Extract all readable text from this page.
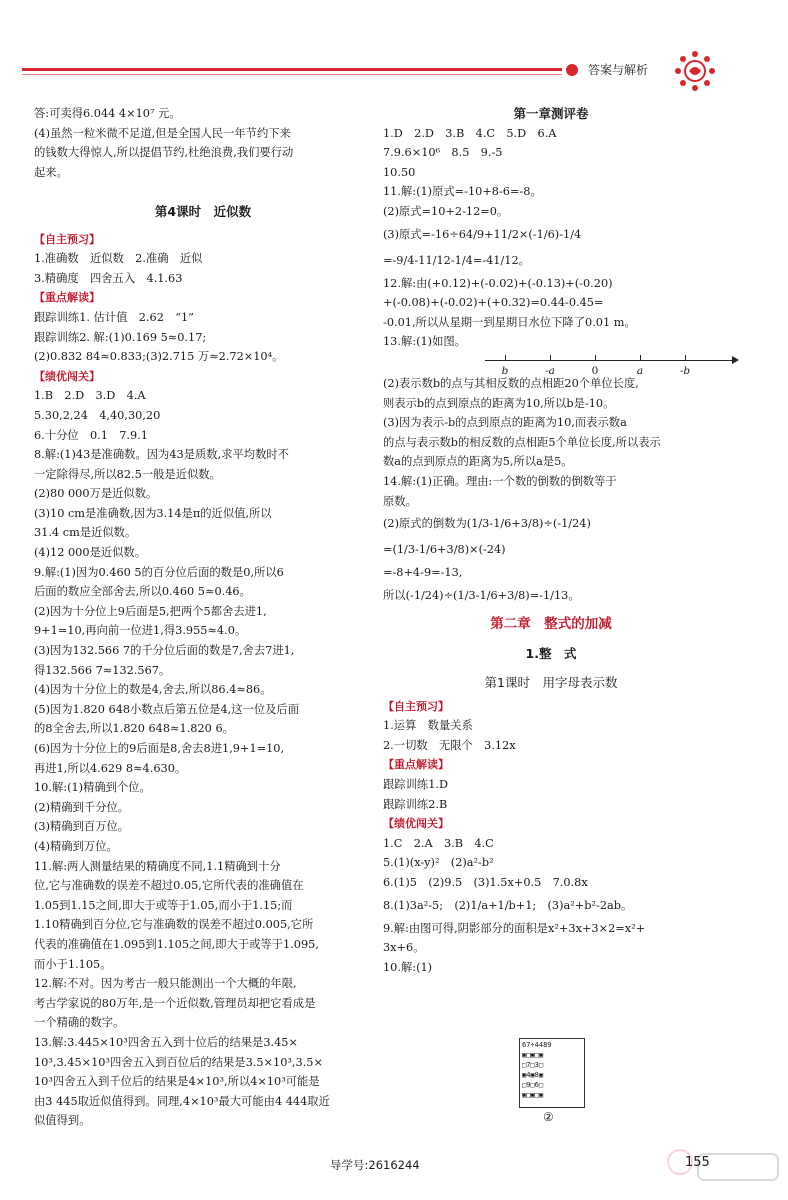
答案与解析

答:可卖得6.044 4×10⁷ 元。

(4)虽然一粒米微不足道,但是全国人民一年节约下来

的钱数大得惊人,所以提倡节约,杜绝浪费,我们要行动

起来。

第4课时　近似数

【自主预习】

1.准确数　近似数　2.准确　近似

3.精确度　四舍五入　4.1.63

【重点解读】

跟踪训练1. 估计值　2.62　“1”

跟踪训练2. 解:(1)0.169 5≈0.17;

(2)0.832 84≈0.833;(3)2.715 万≈2.72×10⁴。

【绩优闯关】

1.B　2.D　3.D　4.A

5.30,2,24　4,40,30,20

6.十分位　0.1　7.9.1

8.解:(1)43是准确数。因为43是质数,求平均数时不

一定除得尽,所以82.5一般是近似数。

(2)80 000万是近似数。

(3)10 cm是准确数,因为3.14是π的近似值,所以

31.4 cm是近似数。

(4)12 000是近似数。

9.解:(1)因为0.460 5的百分位后面的数是0,所以6

后面的数应全部舍去,所以0.460 5≈0.46。

(2)因为十分位上9后面是5,把两个5都舍去进1,

9+1=10,再向前一位进1,得3.955≈4.0。

(3)因为132.566 7的千分位后面的数是7,舍去7进1,

得132.566 7≈132.567。

(4)因为十分位上的数是4,舍去,所以86.4≈86。

(5)因为1.820 648小数点后第五位是4,这一位及后面

的8全舍去,所以1.820 648≈1.820 6。

(6)因为十分位上的9后面是8,舍去8进1,9+1=10,

再进1,所以4.629 8≈4.630。

10.解:(1)精确到个位。

(2)精确到千分位。

(3)精确到百万位。

(4)精确到万位。

11.解:两人测量结果的精确度不同,1.1精确到十分

位,它与准确数的误差不超过0.05,它所代表的准确值在

1.05到1.15之间,即大于或等于1.05,而小于1.15;而

1.10精确到百分位,它与准确数的误差不超过0.005,它所

代表的准确值在1.095到1.105之间,即大于或等于1.095,

而小于1.105。

12.解:不对。因为考古一般只能测出一个大概的年限,

考古学家说的80万年,是一个近似数,管理员却把它看成是

一个精确的数字。

13.解:3.445×10³四舍五入到十位后的结果是3.45×

10³,3.45×10³四舍五入到百位后的结果是3.5×10³,3.5×

10³四舍五入到千位后的结果是4×10³,所以4×10³可能是

由3 445取近似值得到。同理,4×10³最大可能由4 444取近

似值得到。

第一章测评卷

1.D　2.D　3.B　4.C　5.D　6.A

7.9.6×10⁶　8.5　9.-5

10.50

11.解:(1)原式=-10+8-6=-8。

(2)原式=10+2-12=0。

(3)原式=-16÷64/9+11/2×(-1/6)-1/4

=-9/4-11/12-1/4=-41/12。

12.解:由(+0.12)+(-0.02)+(-0.13)+(-0.20)

+(-0.08)+(-0.02)+(+0.32)=0.44-0.45=

-0.01,所以从星期一到星期日水位下降了0.01 m。

13.解:(1)如图。

b	-a	0	a	-b

(2)表示数b的点与其相反数的点相距20个单位长度,

则表示b的点到原点的距离为10,所以b是-10。

(3)因为表示-b的点到原点的距离为10,而表示数a

的点与表示数b的相反数的点相距5个单位长度,所以表示

数a的点到原点的距离为5,所以a是5。

14.解:(1)正确。理由:一个数的倒数的倒数等于

原数。

(2)原式的倒数为(1/3-1/6+3/8)÷(-1/24)

=(1/3-1/6+3/8)×(-24)

=-8+4-9=-13,

所以(-1/24)÷(1/3-1/6+3/8)=-1/13。

第二章　整式的加减

1.整　式

第1课时　用字母表示数

【自主预习】

1.运算　数量关系

2.一切数　无限个　3.12x

【重点解读】

跟踪训练1.D

跟踪训练2.B

【绩优闯关】

1.C　2.A　3.B　4.C

5.(1)(x-y)²　(2)a²-b²

6.(1)5　(2)9.5　(3)1.5x+0.5　7.0.8x

8.(1)3a²-5;　(2)1/a+1/b+1;　(3)a²+b²-2ab。

9.解:由图可得,阴影部分的面积是x²+3x+3×2=x²+

3x+6。

10.解:(1)

67÷4489
▣□▣□▣
□7□3□
▣4▣8▣
□9□6□
▣□▣□▣
②
导学号:2616244	155
